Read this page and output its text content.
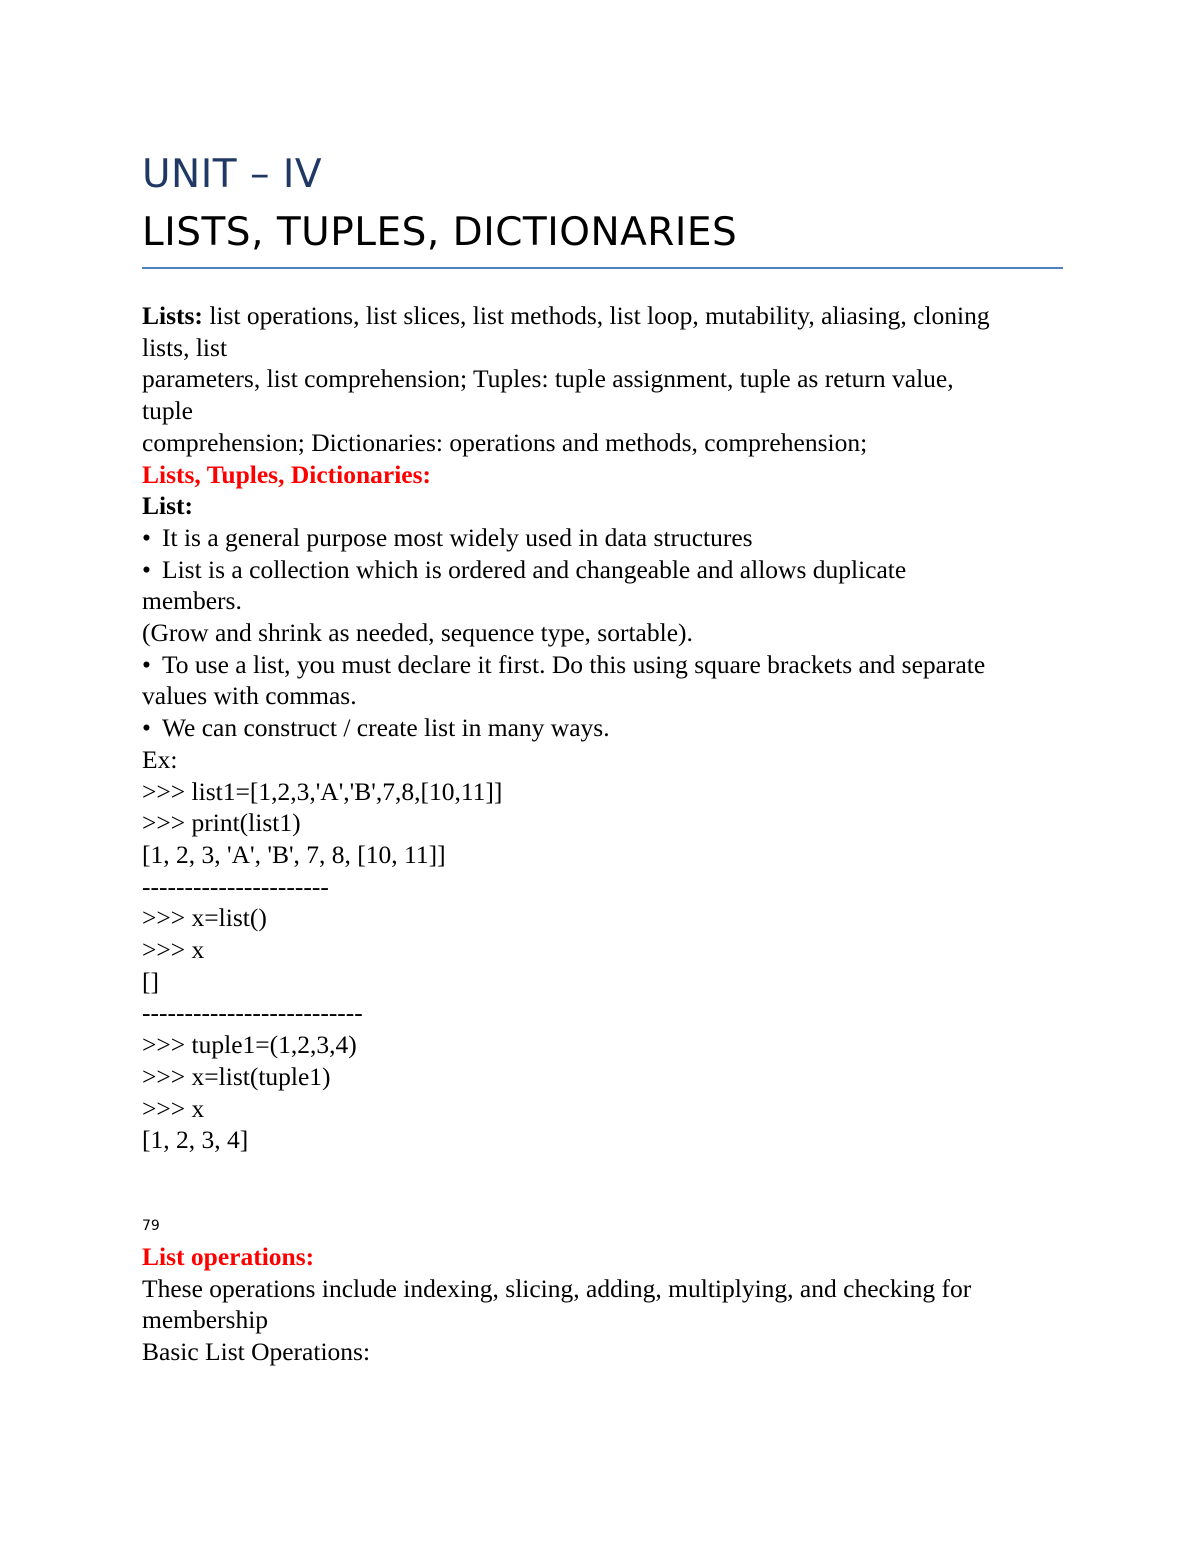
UNIT – IV
LISTS, TUPLES, DICTIONARIES
Lists: list operations, list slices, list methods, list loop, mutability, aliasing, cloning
lists, list
parameters, list comprehension; Tuples: tuple assignment, tuple as return value,
tuple
comprehension; Dictionaries: operations and methods, comprehension;
Lists, Tuples, Dictionaries:
List:
• It is a general purpose most widely used in data structures
• List is a collection which is ordered and changeable and allows duplicate
members.
(Grow and shrink as needed, sequence type, sortable).
• To use a list, you must declare it first. Do this using square brackets and separate
values with commas.
• We can construct / create list in many ways.
Ex:
>>> list1=[1,2,3,'A','B',7,8,[10,11]]
>>> print(list1)
[1, 2, 3, 'A', 'B', 7, 8, [10, 11]]
----------------------
>>> x=list()
>>> x
[]
--------------------------
>>> tuple1=(1,2,3,4)
>>> x=list(tuple1)
>>> x
[1, 2, 3, 4]
79
List operations:
These operations include indexing, slicing, adding, multiplying, and checking for
membership
Basic List Operations:
